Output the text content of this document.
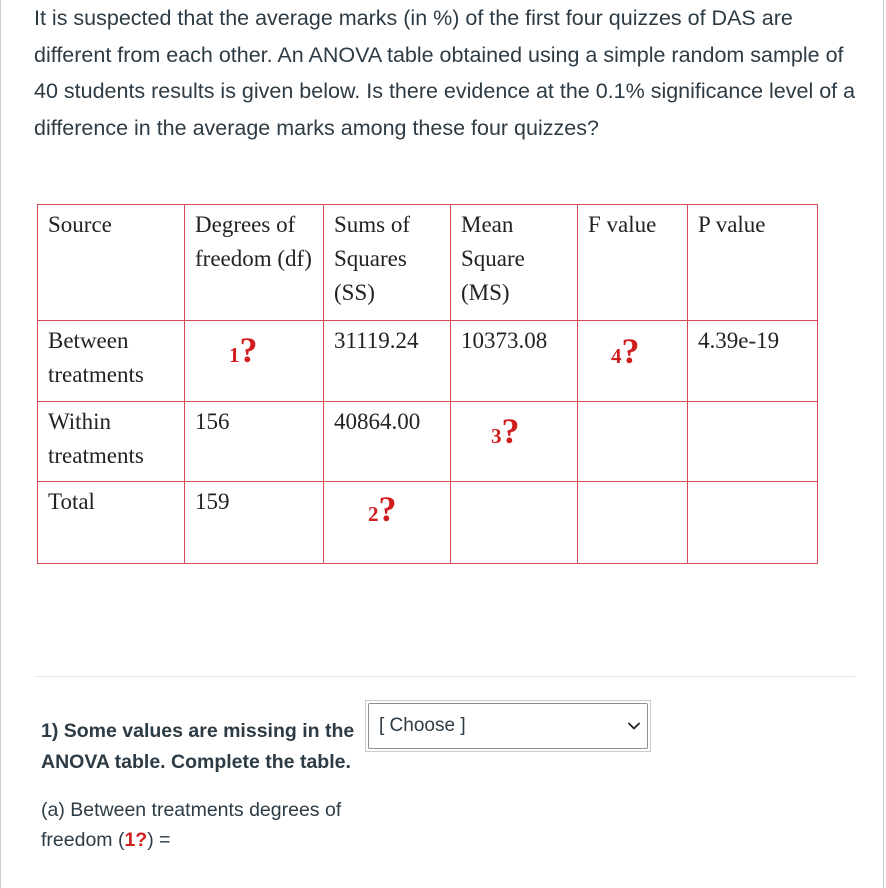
It is suspected that the average marks (in %) of the first four quizzes of DAS are different from each other. An ANOVA table obtained using a simple random sample of 40 students results is given below. Is there evidence at the 0.1% significance level of a difference in the average marks among these four quizzes?
Source	Degrees of freedom (df)	Sums of Squares (SS)	Mean Square (MS)	F value	P value
Between treatments	1?	31119.24	10373.08	4?	4.39e-19
Within treatments	156	40864.00	3?		

Total	159	2?			

1) Some values are missing in the ANOVA table. Complete the table.
[ Choose ]
(a) Between treatments degrees of freedom (1?) =
